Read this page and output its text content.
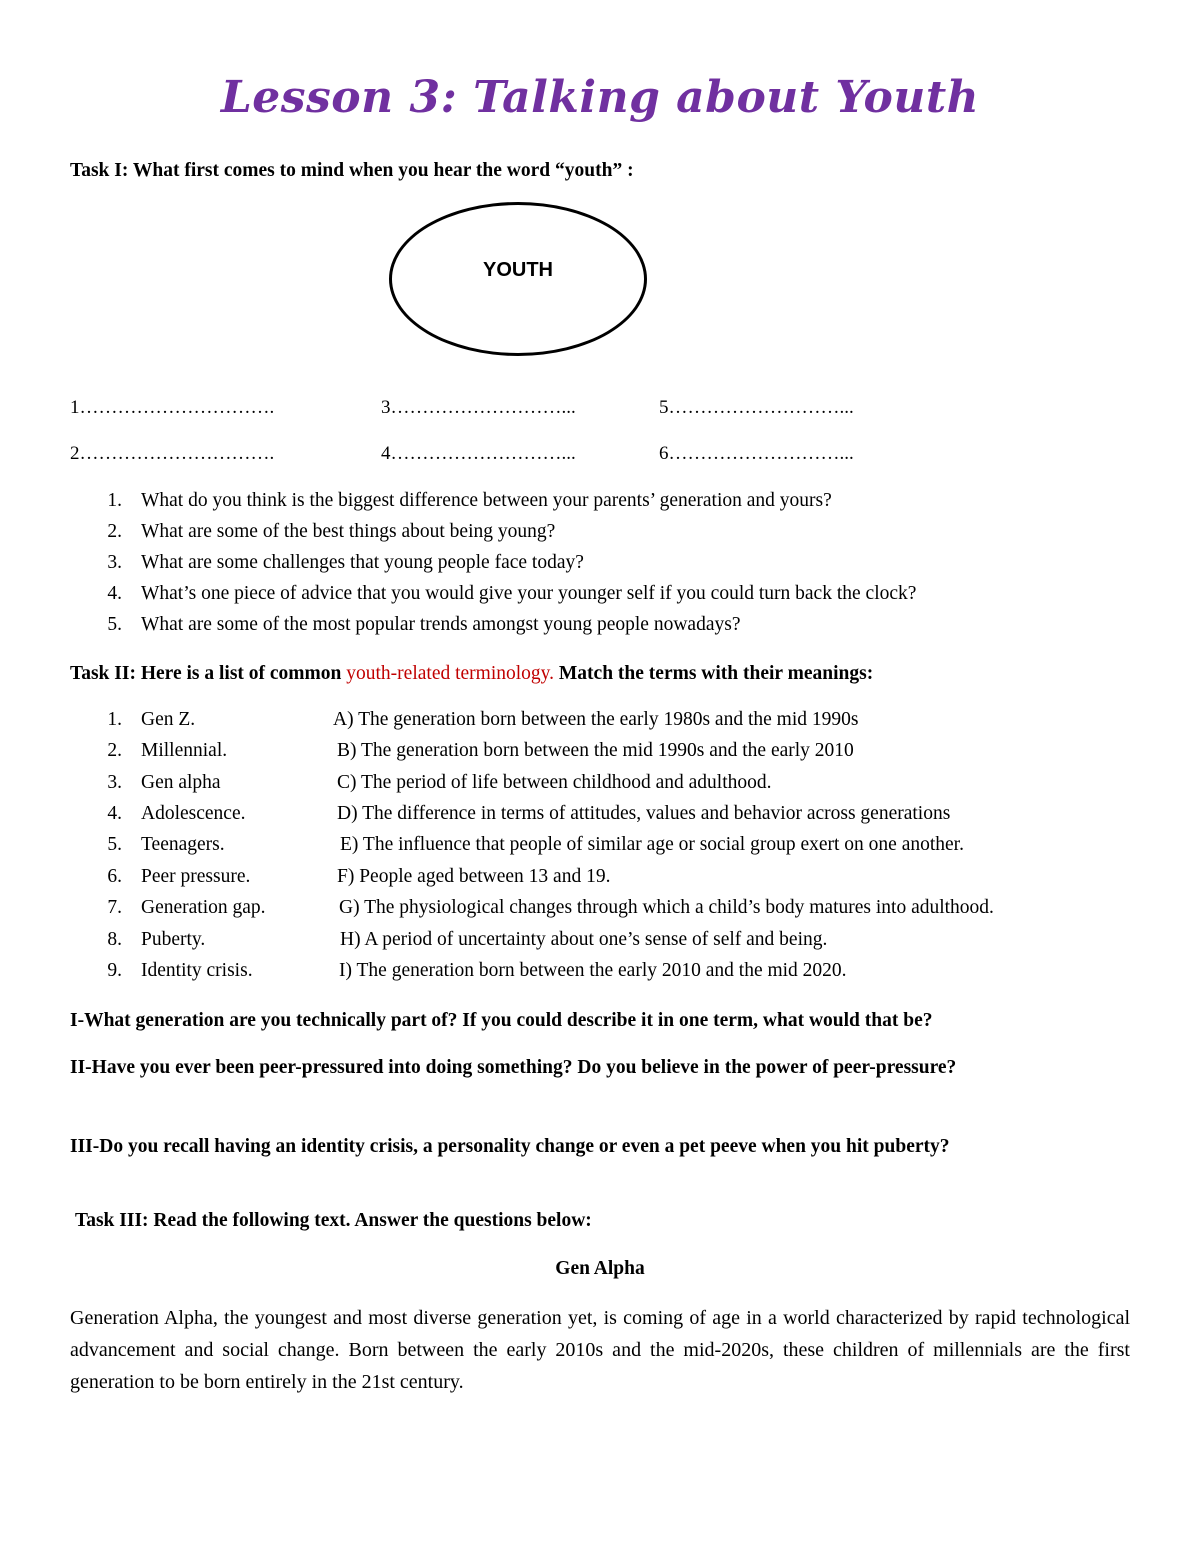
Lesson 3: Talking about Youth
Task I: What first comes to mind when you hear the word “youth” :
YOUTH
1………………………….	3………………………...	5………………………...
2………………………….	4………………………...	6………………………...
1. What do you think is the biggest difference between your parents’ generation and yours?
2. What are some of the best things about being young?
3. What are some challenges that young people face today?
4. What’s one piece of advice that you would give your younger self if you could turn back the clock?
5. What are some of the most popular trends amongst young people nowadays?
Task II: Here is a list of common youth-related terminology. Match the terms with their meanings:
1. Gen Z.	A) The generation born between the early 1980s and the mid 1990s
2. Millennial.	B) The generation born between the mid 1990s and the early 2010
3. Gen alpha	C) The period of life between childhood and adulthood.
4. Adolescence.	D) The difference in terms of attitudes, values and behavior across generations
5. Teenagers.	E) The influence that people of similar age or social group exert on one another.
6. Peer pressure.	F) People aged between 13 and 19.
7. Generation gap.	G) The physiological changes through which a child’s body matures into adulthood.
8. Puberty.	H) A period of uncertainty about one’s sense of self and being.
9. Identity crisis.	I) The generation born between the early 2010 and the mid 2020.
I-What generation are you technically part of? If you could describe it in one term, what would that be?
II-Have you ever been peer-pressured into doing something? Do you believe in the power of peer-pressure?
III-Do you recall having an identity crisis, a personality change or even a pet peeve when you hit puberty?
Task III: Read the following text. Answer the questions below:
Gen Alpha
Generation Alpha, the youngest and most diverse generation yet, is coming of age in a world characterized by rapid technological advancement and social change. Born between the early 2010s and the mid-2020s, these children of millennials are the first generation to be born entirely in the 21st century.
